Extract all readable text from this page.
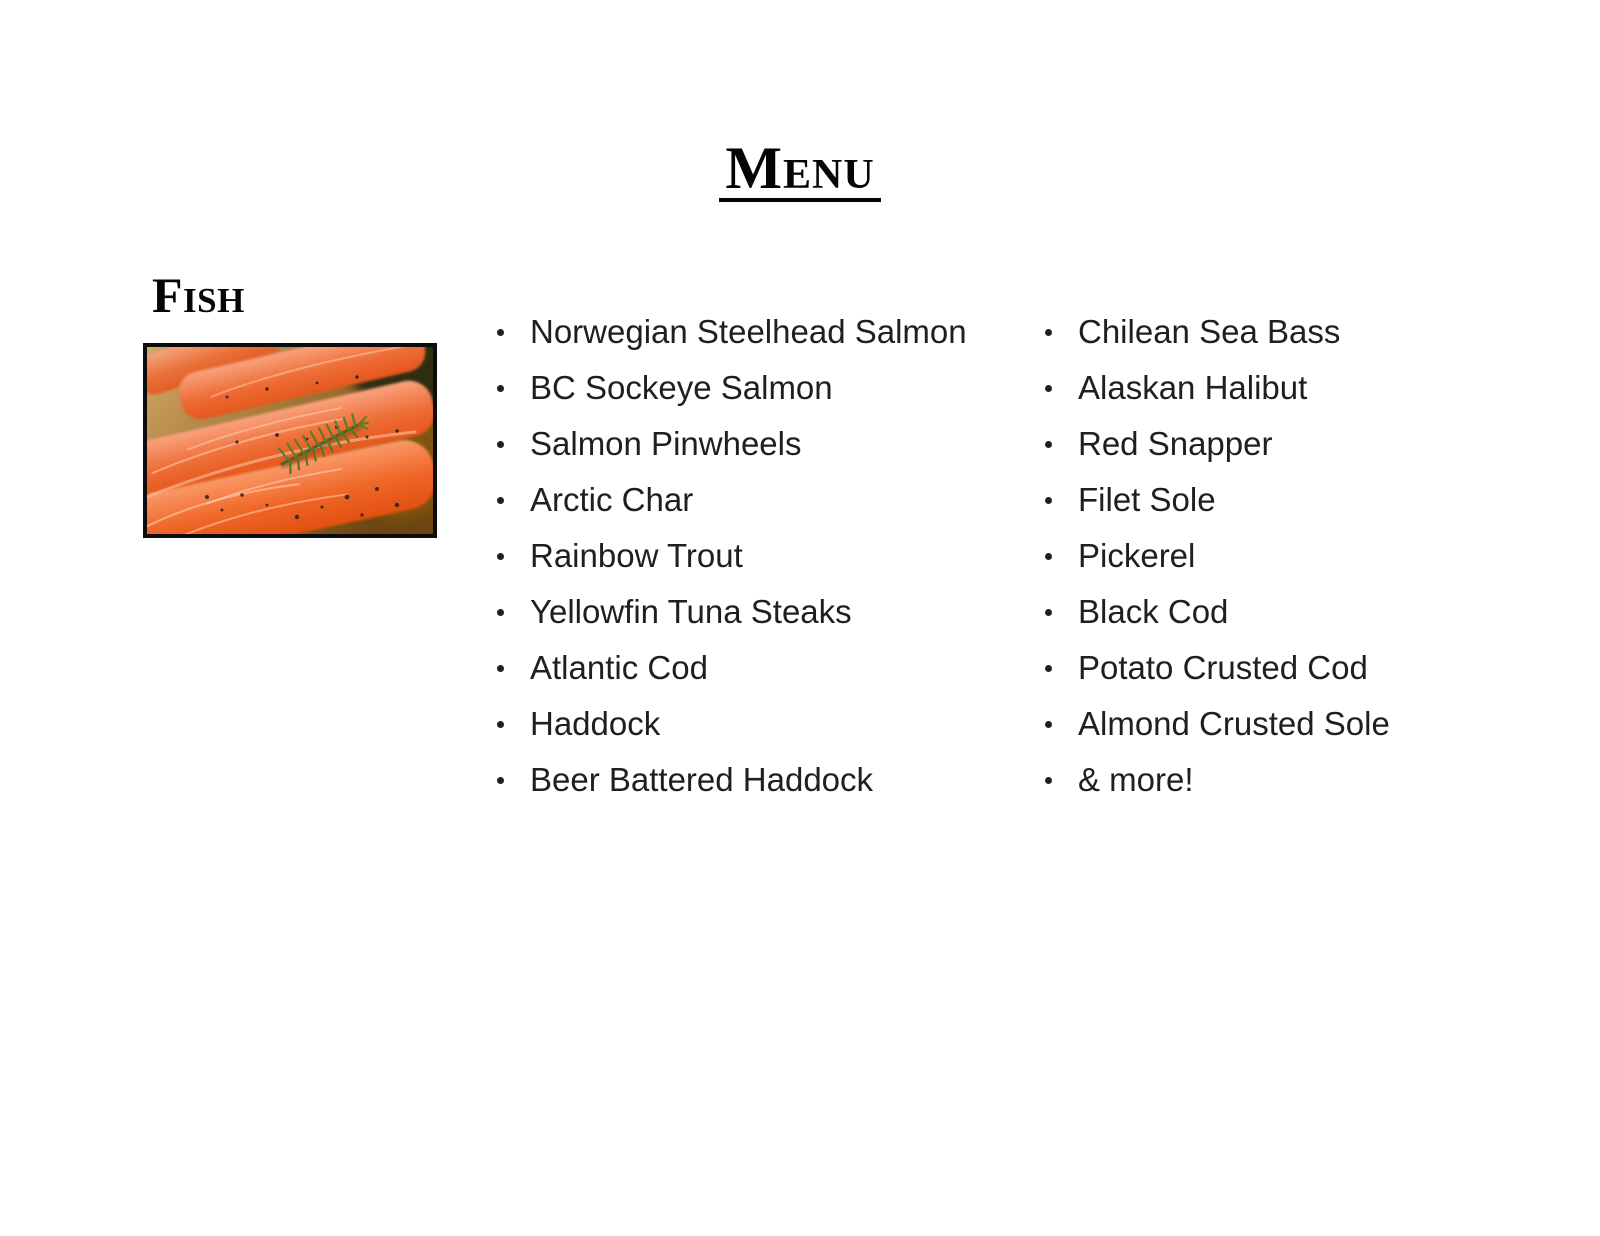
Menu
Fish
Norwegian Steelhead Salmon
BC Sockeye Salmon
Salmon Pinwheels
Arctic Char
Rainbow Trout
Yellowfin Tuna Steaks
Atlantic Cod
Haddock
Beer Battered Haddock
Chilean Sea Bass
Alaskan Halibut
Red Snapper
Filet Sole
Pickerel
Black Cod
Potato Crusted Cod
Almond Crusted Sole
& more!
